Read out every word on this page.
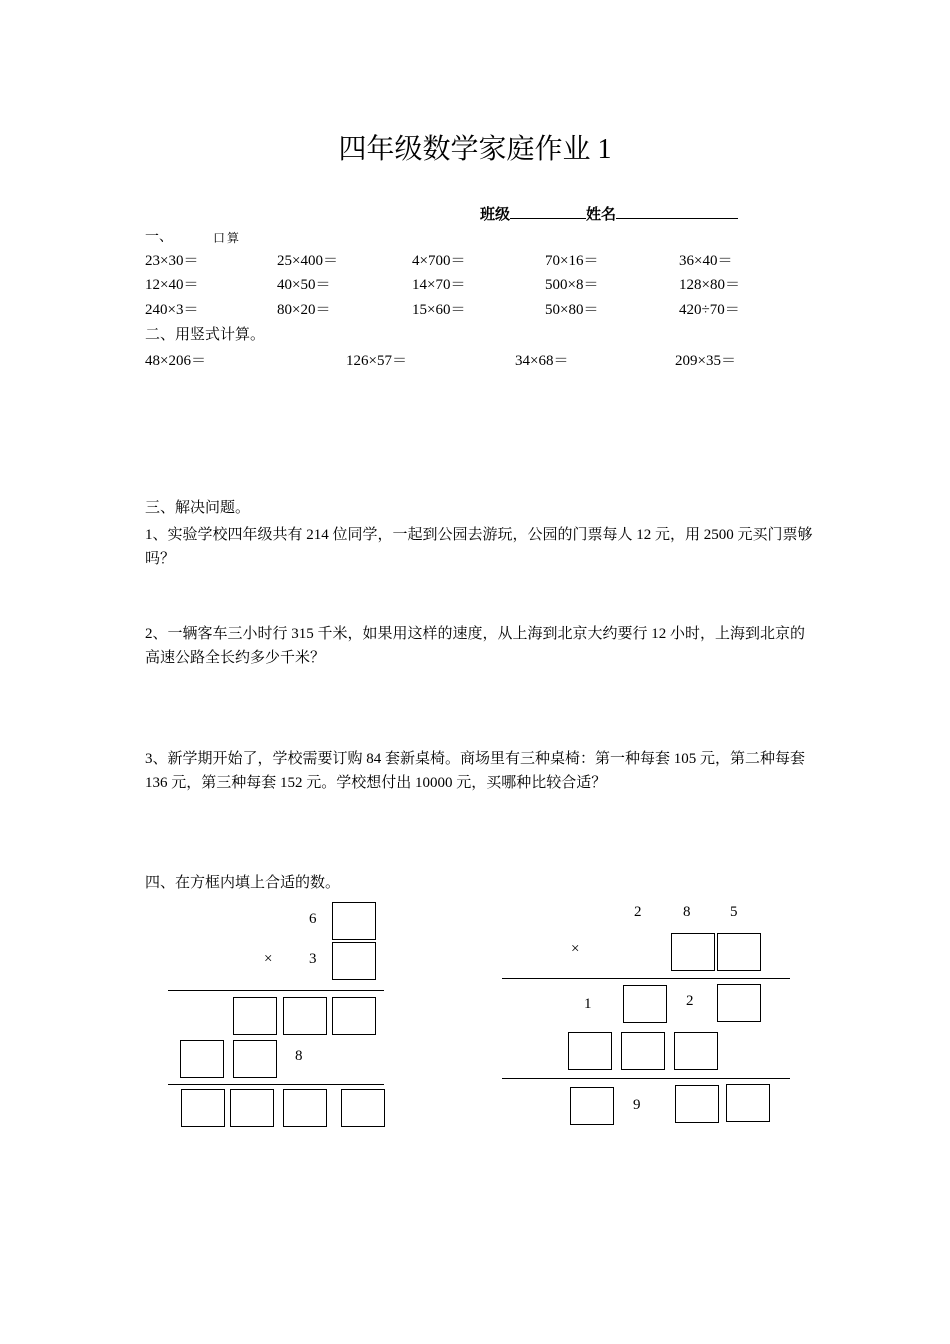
四年级数学家庭作业 1
班级	姓名
一、	口算
23×30＝	25×400＝	4×700＝	70×16＝	36×40＝
12×40＝	40×50＝	14×70＝	500×8＝	128×80＝
240×3＝	80×20＝	15×60＝	50×80＝	420÷70＝
二、用竖式计算。
48×206＝	126×57＝	34×68＝	209×35＝
三、解决问题。
1、实验学校四年级共有 214 位同学，一起到公园去游玩，公园的门票每人 12 元，用 2500 元买门票够吗？
2、一辆客车三小时行 315 千米，如果用这样的速度，从上海到北京大约要行 12 小时，上海到北京的高速公路全长约多少千米？
3、新学期开始了，学校需要订购 84 套新桌椅。商场里有三种桌椅：第一种每套 105 元，第二种每套 136 元，第三种每套 152 元。学校想付出 10000 元，买哪种比较合适？
四、在方框内填上合适的数。
6
× 3
8
2	8	5
×
1	2
9
